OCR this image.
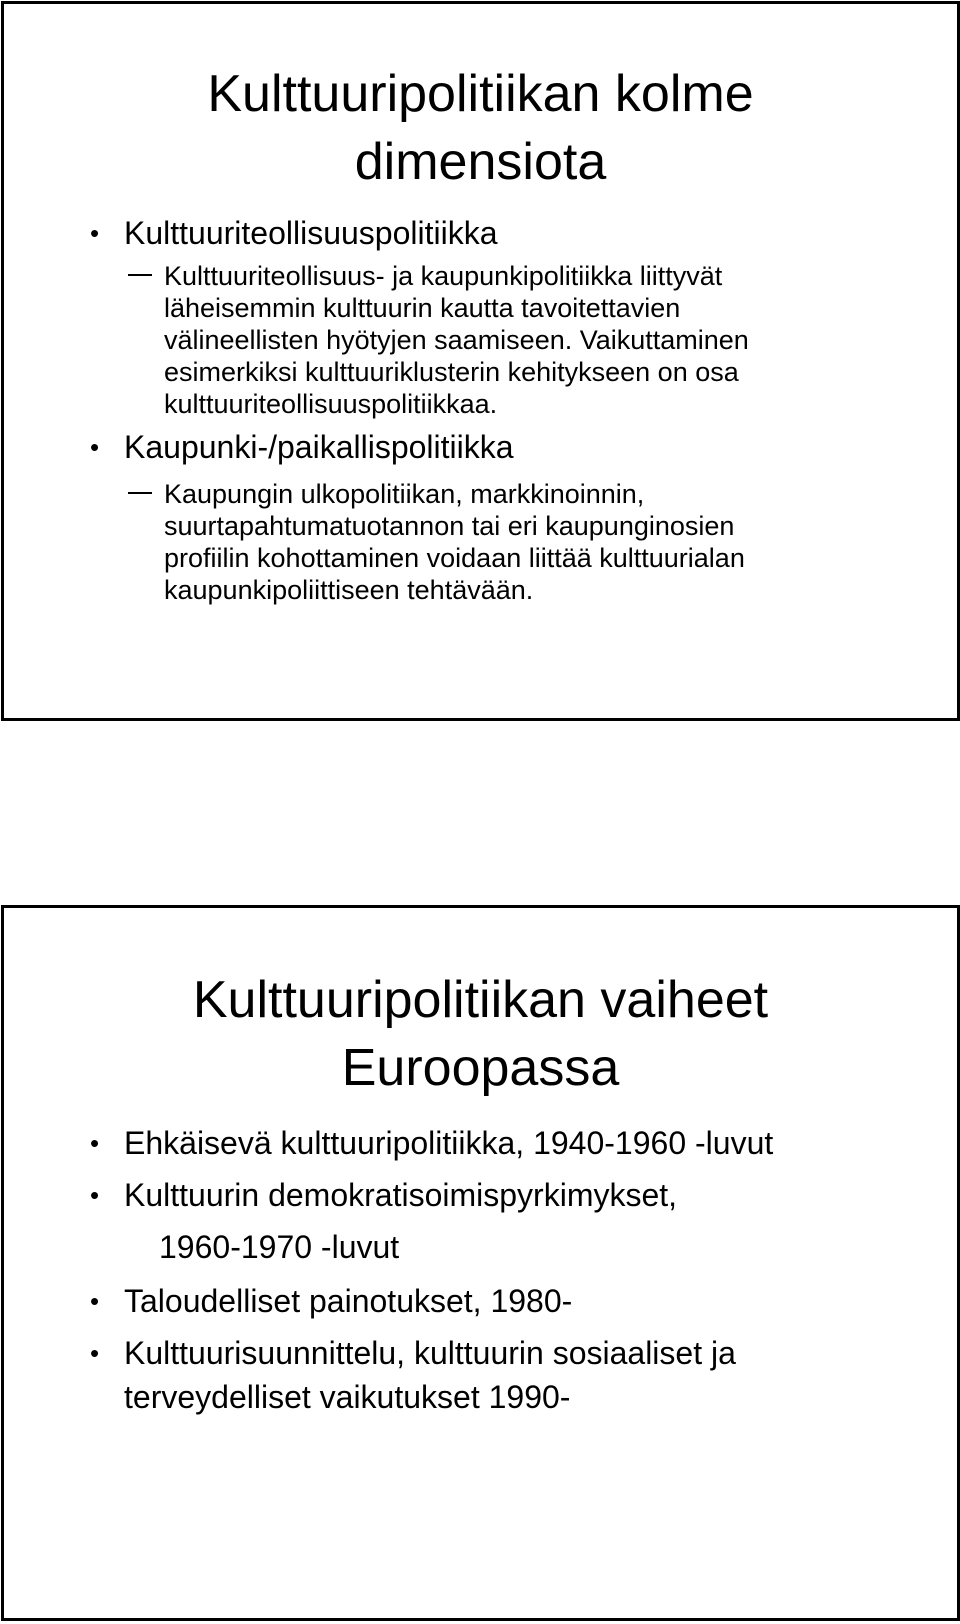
Kulttuuripolitiikan kolme
dimensiota
• Kulttuuriteollisuuspolitiikka
Kulttuuriteollisuus- ja kaupunkipolitiikka liittyvät
läheisemmin kulttuurin kautta tavoitettavien
välineellisten hyötyjen saamiseen. Vaikuttaminen
esimerkiksi kulttuuriklusterin kehitykseen on osa
kulttuuriteollisuuspolitiikkaa.
• Kaupunki-/paikallispolitiikka
Kaupungin ulkopolitiikan, markkinoinnin,
suurtapahtumatuotannon tai eri kaupunginosien
profiilin kohottaminen voidaan liittää kulttuurialan
kaupunkipoliittiseen tehtävään.
Kulttuuripolitiikan vaiheet
Euroopassa
• Ehkäisevä kulttuuripolitiikka, 1940-1960 -luvut
• Kulttuurin demokratisoimispyrkimykset,
1960-1970 -luvut
• Taloudelliset painotukset, 1980-
• Kulttuurisuunnittelu, kulttuurin sosiaaliset ja
terveydelliset vaikutukset 1990-
